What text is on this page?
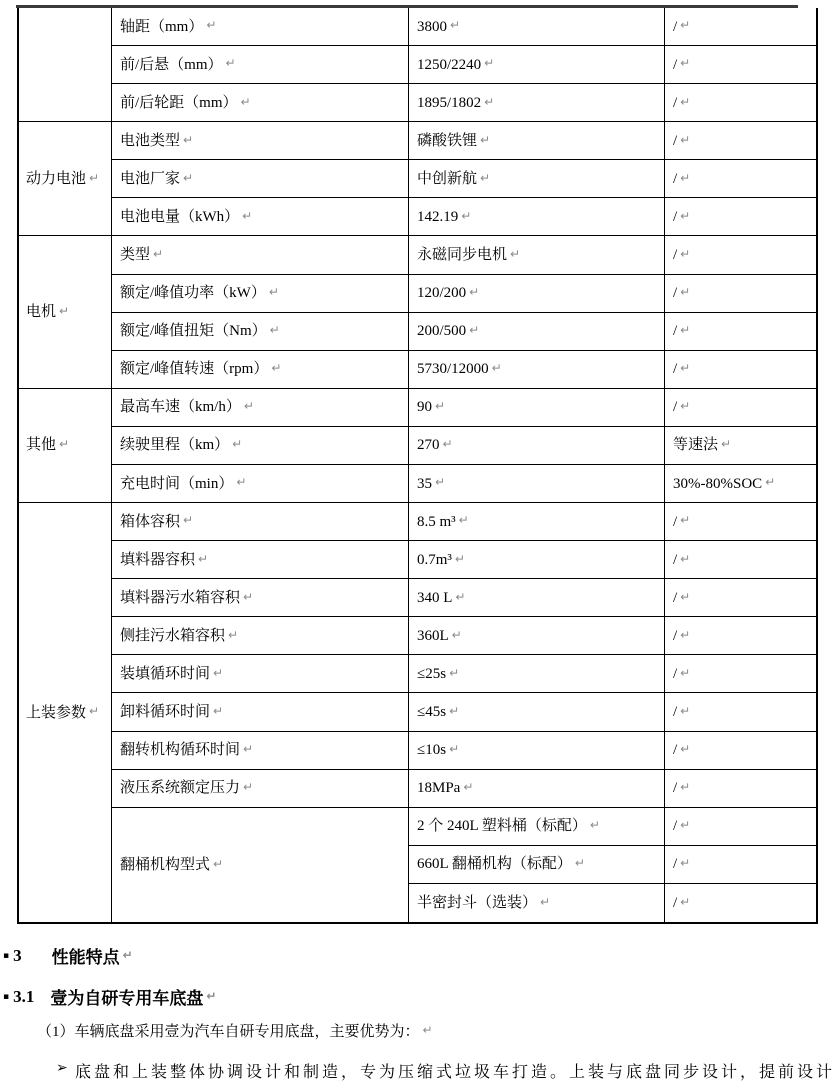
动力电池 ↵
电机 ↵
其他 ↵
上装参数 ↵
轴距（mm） ↵
前/后悬（mm） ↵
前/后轮距（mm） ↵
电池类型 ↵
电池厂家 ↵
电池电量（kWh） ↵
类型 ↵
额定/峰值功率（kW） ↵
额定/峰值扭矩（Nm） ↵
额定/峰值转速（rpm） ↵
最高车速（km/h） ↵
续驶里程（km） ↵
充电时间（min） ↵
箱体容积 ↵
填料器容积 ↵
填料器污水箱容积 ↵
侧挂污水箱容积 ↵
装填循环时间 ↵
卸料循环时间 ↵
翻转机构循环时间 ↵
液压系统额定压力 ↵
翻桶机构型式 ↵
3800 ↵
1250/2240 ↵
1895/1802 ↵
磷酸铁锂 ↵
中创新航 ↵
142.19 ↵
永磁同步电机 ↵
120/200 ↵
200/500 ↵
5730/12000 ↵
90 ↵
270 ↵
35 ↵
8.5 m³ ↵
0.7m³ ↵
340 L ↵
360L ↵
≤25s ↵
≤45s ↵
≤10s ↵
18MPa ↵
2 个 240L 塑料桶（标配） ↵
660L 翻桶机构（标配） ↵
半密封斗（选装） ↵
/ ↵
/ ↵
/ ↵
/ ↵
/ ↵
/ ↵
/ ↵
/ ↵
/ ↵
/ ↵
/ ↵
等速法 ↵
30%-80%SOC ↵
/ ↵
/ ↵
/ ↵
/ ↵
/ ↵
/ ↵
/ ↵
/ ↵
/ ↵
/ ↵
/ ↵
▪ 3 性能特点 ↵
▪ 3.1 壹为自研专用车底盘 ↵
（1）车辆底盘采用壹为汽车自研专用底盘，主要优势为： ↵
➢ 底盘和上装整体协调设计和制造，专为压缩式垃圾车打造。上装与底盘同步设计，提前设计
